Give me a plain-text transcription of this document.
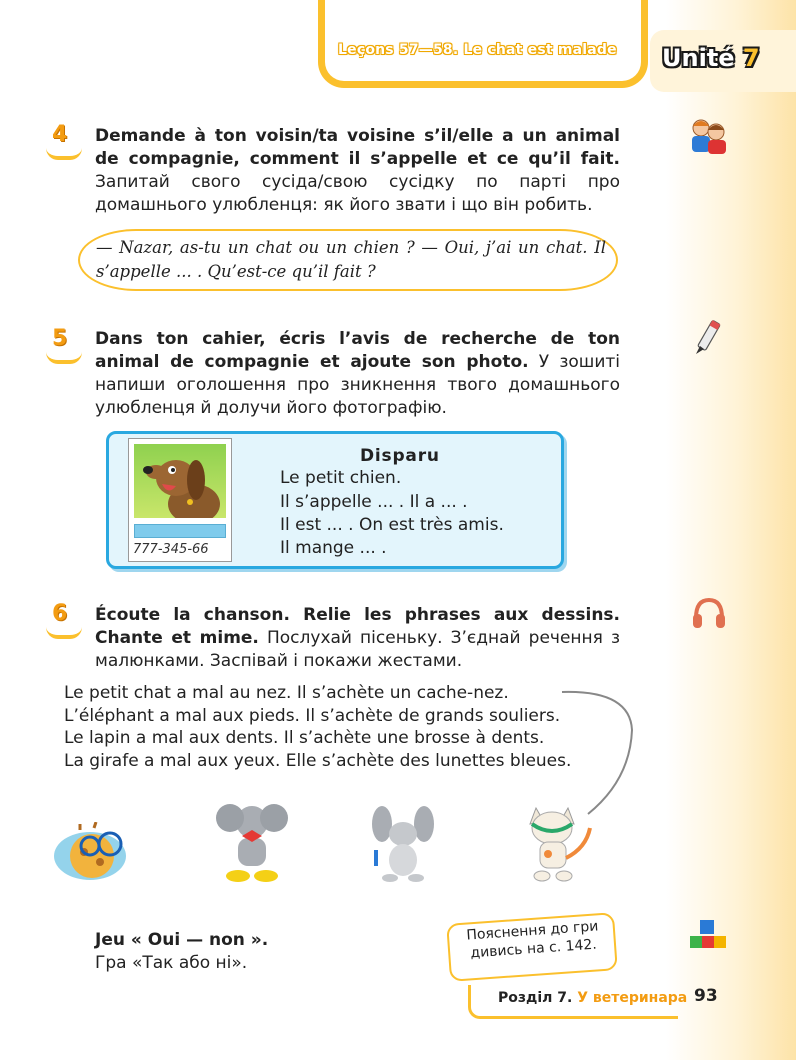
Leçons 57—58. Le chat est malade Unité 7
4	Demande à ton voisin/ta voisine s’il/elle a un animal de compagnie, comment il s’appelle et ce qu’il fait. Запитай свого сусіда/свою сусідку по парті про домашнього улюбленця: як його звати і що він робить.
— Nazar, as-tu un chat ou un chien ? — Oui, j’ai un chat. Il s’appelle ... . Qu’est-ce qu’il fait ?
5	Dans ton cahier, écris l’avis de recherche de ton animal de compagnie et ajoute son photo. У зошиті напиши оголошення про зникнення твого домашнього улюбленця й долучи його фотографію.
777-345-66
Disparu
Le petit chien.
Il s’appelle ... . Il a ... .
Il est ... . On est très amis.
Il mange ... .
6	Écoute la chanson. Relie les phrases aux dessins. Chante et mime. Послухай пісеньку. З’єднай речення з малюнками. Заспівай і покажи жестами.
Le petit chat a mal au nez. Il s’achète un cache-nez.
L’éléphant a mal aux pieds. Il s’achète de grands souliers.
Le lapin a mal aux dents. Il s’achète une brosse à dents.
La girafe a mal aux yeux. Elle s’achète des lunettes bleues.
Jeu « Oui — non ».
Гра «Так або ні».
Пояснення до гри дивись на с. 142.
Розділ 7. У ветеринара 93
